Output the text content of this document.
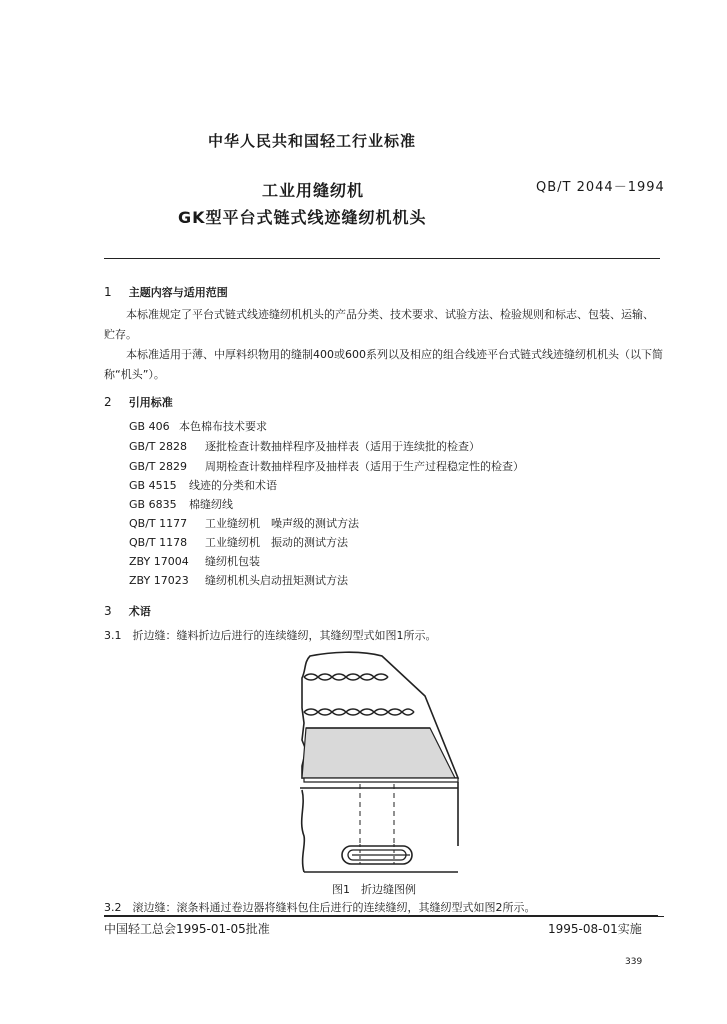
中华人民共和国轻工行业标准
工业用缝纫机
GK型平台式链式线迹缝纫机机头
QB/T 2044－1994
1 主题内容与适用范围
本标准规定了平台式链式线迹缝纫机机头的产品分类、技术要求、试验方法、检验规则和标志、包装、运输、贮存。
本标准适用于薄、中厚料织物用的缝制400或600系列以及相应的组合线迹平台式链式线迹缝纫机机头（以下简称“机头”）。
2 引用标准
GB 406 本色棉布技术要求
GB/T 2828 逐批检查计数抽样程序及抽样表（适用于连续批的检查）
GB/T 2829 周期检查计数抽样程序及抽样表（适用于生产过程稳定性的检查）
GB 4515 线迹的分类和术语
GB 6835 棉缝纫线
QB/T 1177 工业缝纫机　噪声级的测试方法
QB/T 1178 工业缝纫机　振动的测试方法
ZBY 17004 缝纫机包装
ZBY 17023 缝纫机机头启动扭矩测试方法
3 术语
3.1　折边缝：缝料折边后进行的连续缝纫，其缝纫型式如图1所示。
图1　折边缝图例
3.2　滚边缝：滚条料通过卷边器将缝料包住后进行的连续缝纫，其缝纫型式如图2所示。
中国轻工总会1995-01-05批准	1995-08-01实施
339
